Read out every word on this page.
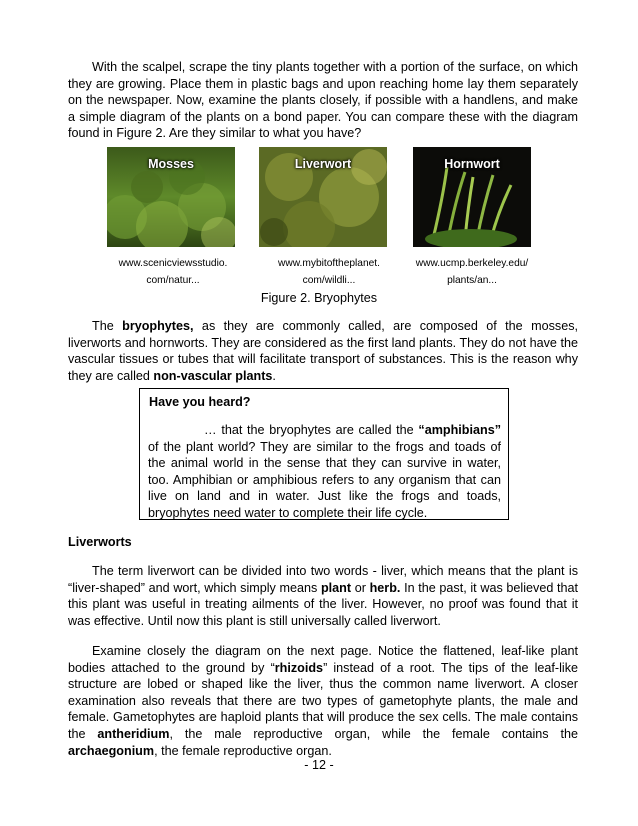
With the scalpel, scrape the tiny plants together with a portion of the surface, on which they are growing. Place them in plastic bags and upon reaching home lay them separately on the newspaper. Now, examine the plants closely, if possible with a handlens, and make a simple diagram of the plants on a bond paper. You can compare these with the diagram found in Figure 2. Are they similar to what you have?

Mosses	Liverwort	Hornwort
www.scenicviewsstudio.
com/natur...
www.mybitoftheplanet.
com/wildli...
www.ucmp.berkeley.edu/
plants/an...
Figure 2. Bryophytes

The bryophytes, as they are commonly called, are composed of the mosses, liverworts and hornworts. They are considered as the first land plants. They do not have the vascular tissues or tubes that will facilitate transport of substances. This is the reason why they are called non-vascular plants.

Have you heard?

… that the bryophytes are called the “amphibians” of the plant world? They are similar to the frogs and toads of the animal world in the sense that they can survive in water, too. Amphibian or amphibious refers to any organism that can live on land and in water. Just like the frogs and toads, bryophytes need water to complete their life cycle.

Liverworts

The term liverwort can be divided into two words - liver, which means that the plant is “liver-shaped” and wort, which simply means plant or herb. In the past, it was believed that this plant was useful in treating ailments of the liver. However, no proof was found that it was effective. Until now this plant is still universally called liverwort.

Examine closely the diagram on the next page. Notice the flattened, leaf-like plant bodies attached to the ground by “rhizoids” instead of a root. The tips of the leaf-like structure are lobed or shaped like the liver, thus the common name liverwort. A closer examination also reveals that there are two types of gametophyte plants, the male and female. Gametophytes are haploid plants that will produce the sex cells. The male contains the antheridium, the male reproductive organ, while the female contains the archaegonium, the female reproductive organ.

- 12 -
